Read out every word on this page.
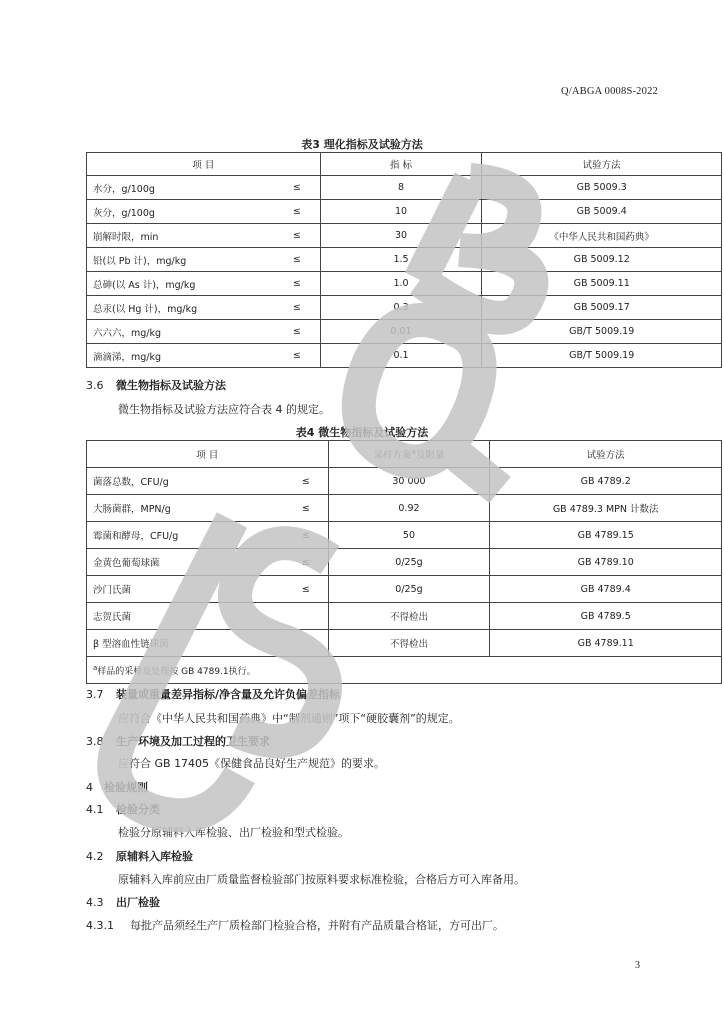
Q/ABGA 0008S-2022
表3 理化指标及试验方法
项 目		指 标	试验方法
水分，g/100g	≤	8	GB 5009.3
灰分，g/100g	≤	10	GB 5009.4
崩解时限，min	≤	30	《中华人民共和国药典》
铅(以 Pb 计)，mg/kg	≤	1.5	GB 5009.12
总砷(以 As 计)，mg/kg	≤	1.0	GB 5009.11
总汞(以 Hg 计)，mg/kg	≤	0.3	GB 5009.17
六六六，mg/kg	≤	0.01	GB/T 5009.19
滴滴涕，mg/kg	≤	0.1	GB/T 5009.19
3.6 微生物指标及试验方法
微生物指标及试验方法应符合表 4 的规定。
表4 微生物指标及试验方法
项 目		采样方案$^a$及限量	试验方法
菌落总数，CFU/g	≤	30 000	GB 4789.2
大肠菌群，MPN/g	≤	0.92	GB 4789.3 MPN 计数法
霉菌和酵母，CFU/g	≤	50	GB 4789.15
金黄色葡萄球菌	≤	0/25g	GB 4789.10
沙门氏菌	≤	0/25g	GB 4789.4
志贺氏菌		不得检出	GB 4789.5
β 型溶血性链球菌		不得检出	GB 4789.11
$^a$样品的采样及处理按 GB 4789.1执行。			
3.7 装量或重量差异指标/净含量及允许负偏差指标
应符合《中华人民共和国药典》中“制剂通则”项下“硬胶囊剂”的规定。
3.8 生产环境及加工过程的卫生要求
应符合 GB 17405《保健食品良好生产规范》的要求。
4 检验规则
4.1 检验分类
检验分原辅料入库检验、出厂检验和型式检验。
4.2 原辅料入库检验
原辅料入库前应由厂质量监督检验部门按原料要求标准检验，合格后方可入库备用。
4.3 出厂检验
4.3.1 每批产品须经生产厂质检部门检验合格，并附有产品质量合格证，方可出厂。
3
